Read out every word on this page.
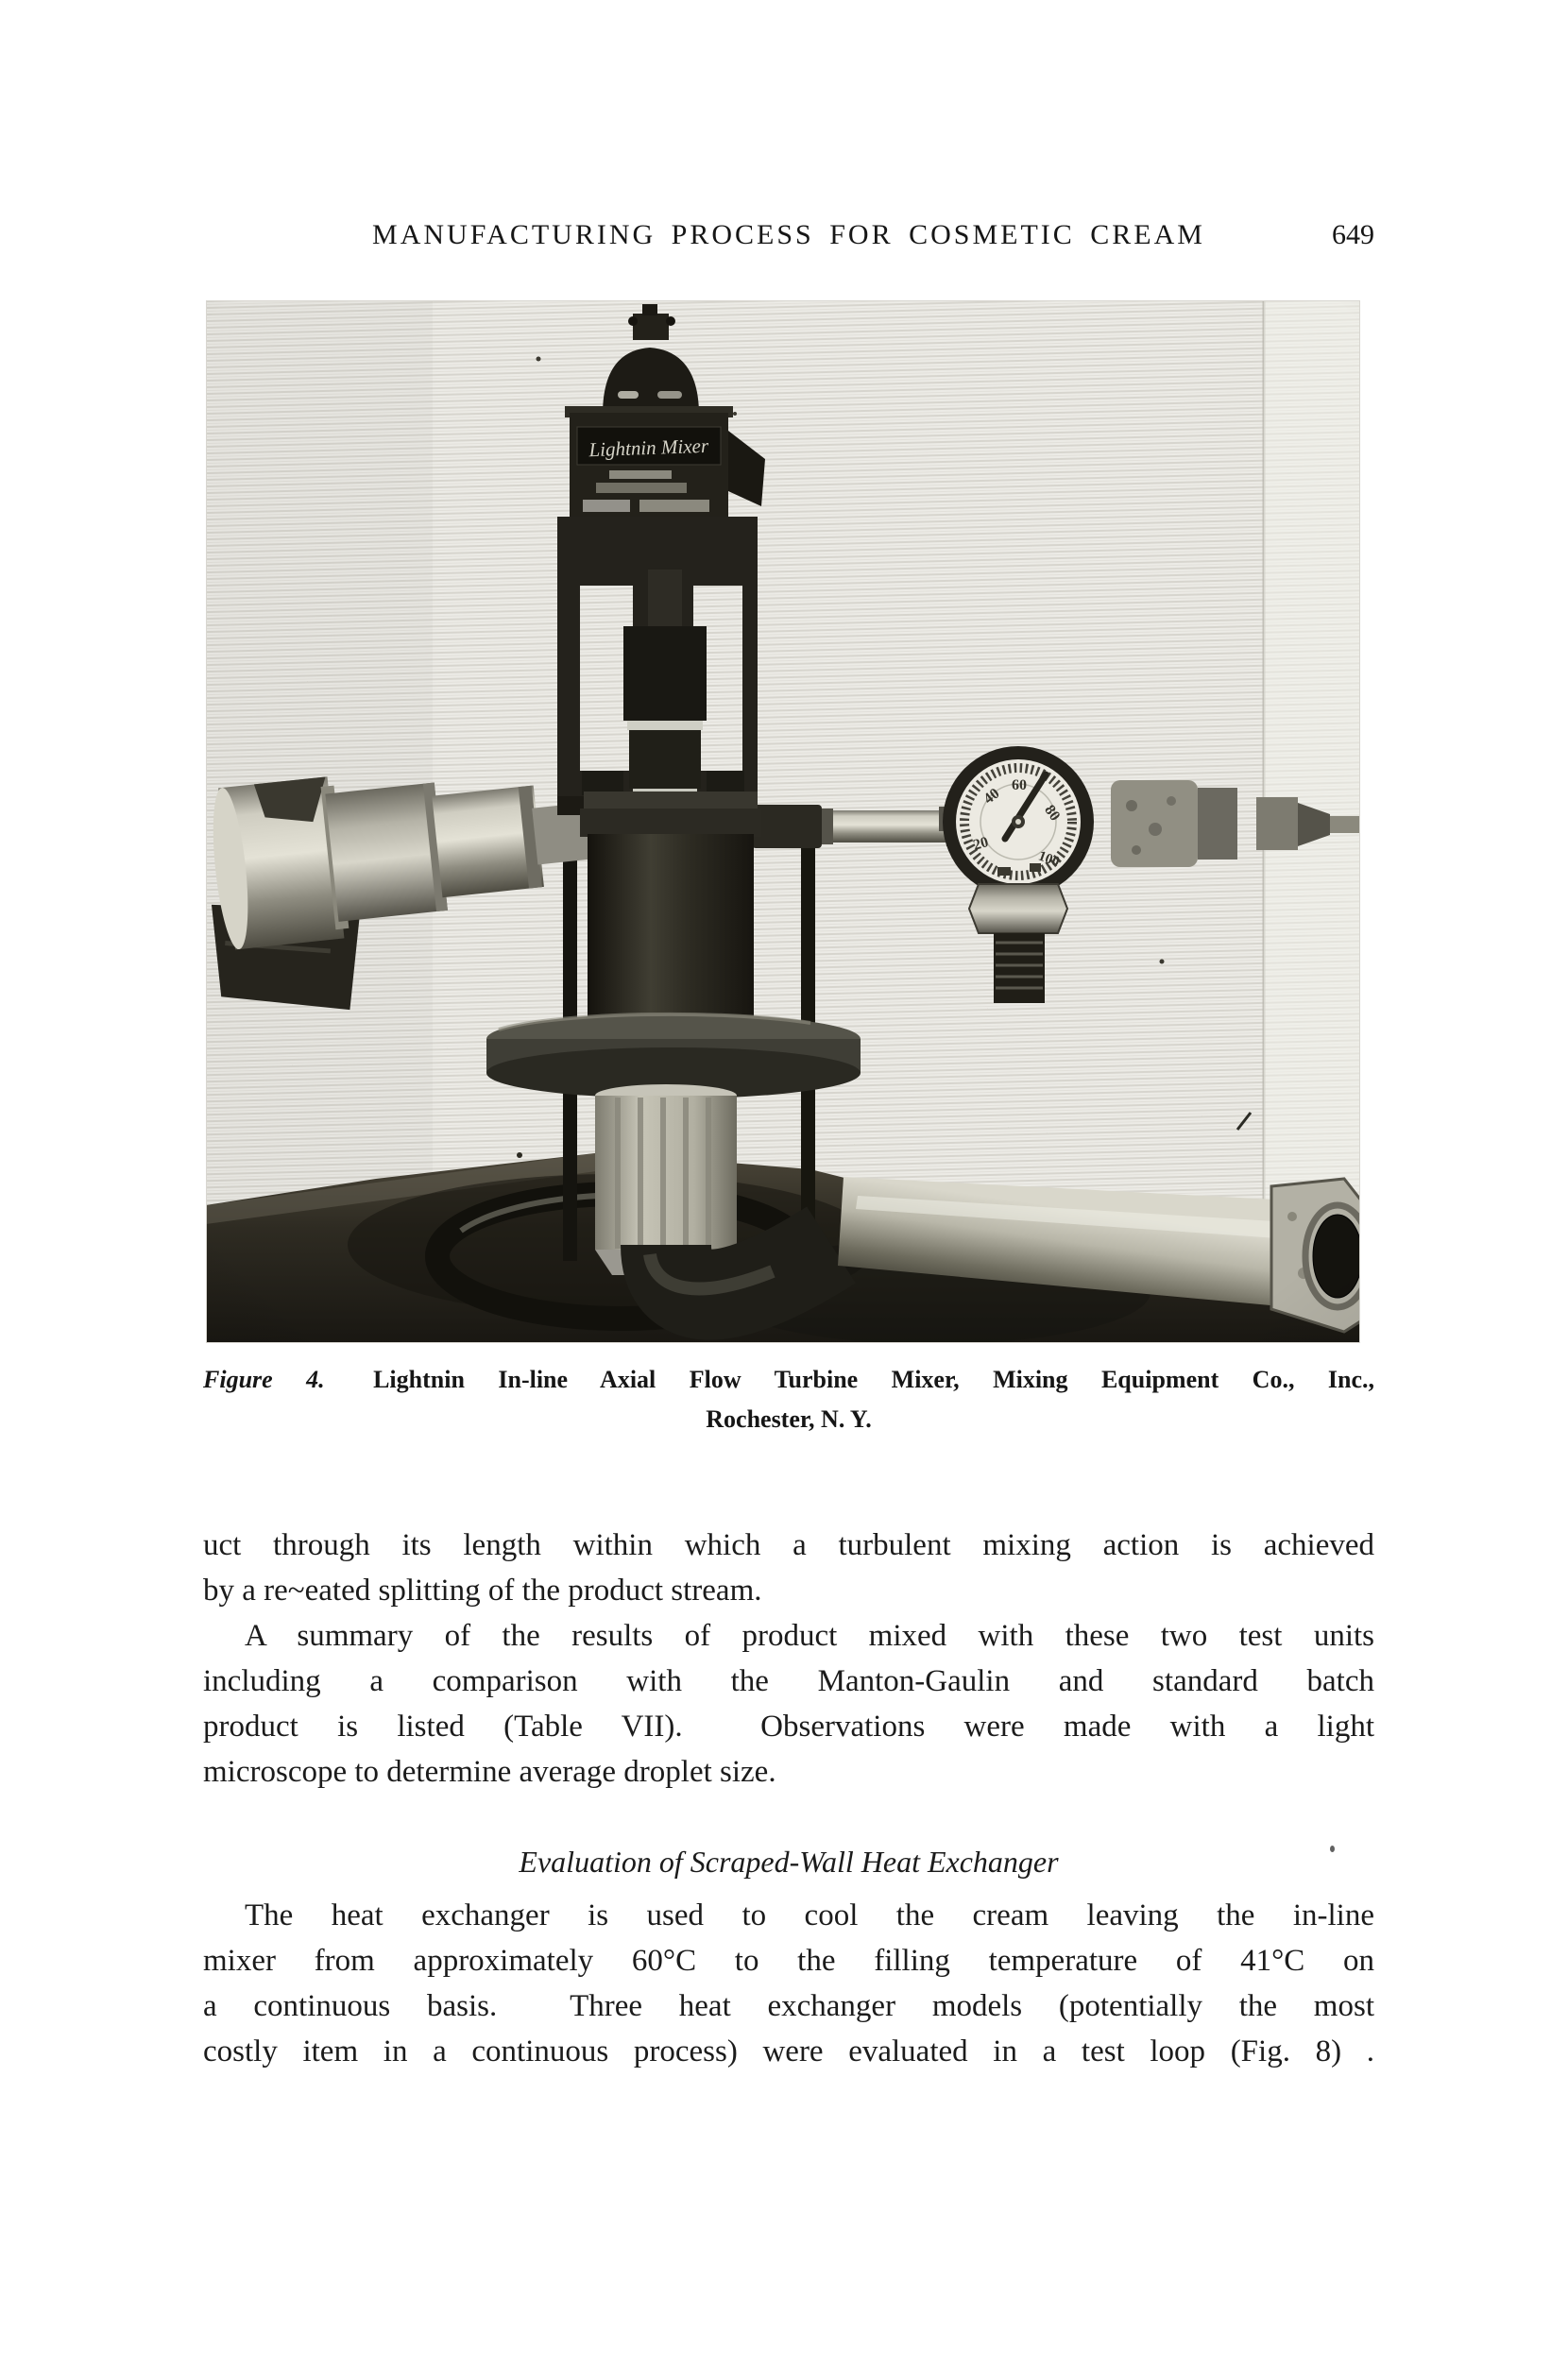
MANUFACTURING PROCESS FOR COSMETIC CREAM	649
Figure 4. Lightnin In-line Axial Flow Turbine Mixer, Mixing Equipment Co., Inc.,
Rochester, N. Y.
uct through its length within which a turbulent mixing action is achieved
by a re~eated splitting of the product stream.
A summary of the results of product mixed with these two test units
including a comparison with the Manton-Gaulin and standard batch
product is listed (Table VII).  Observations were made with a light
microscope to determine average droplet size.
Evaluation of Scraped-Wall Heat Exchanger
The heat exchanger is used to cool the cream leaving the in-line
mixer from approximately 60°C to the filling temperature of 41°C on
a continuous basis.  Three heat exchanger models (potentially the most
costly item in a continuous process) were evaluated in a test loop (Fig. 8) .
